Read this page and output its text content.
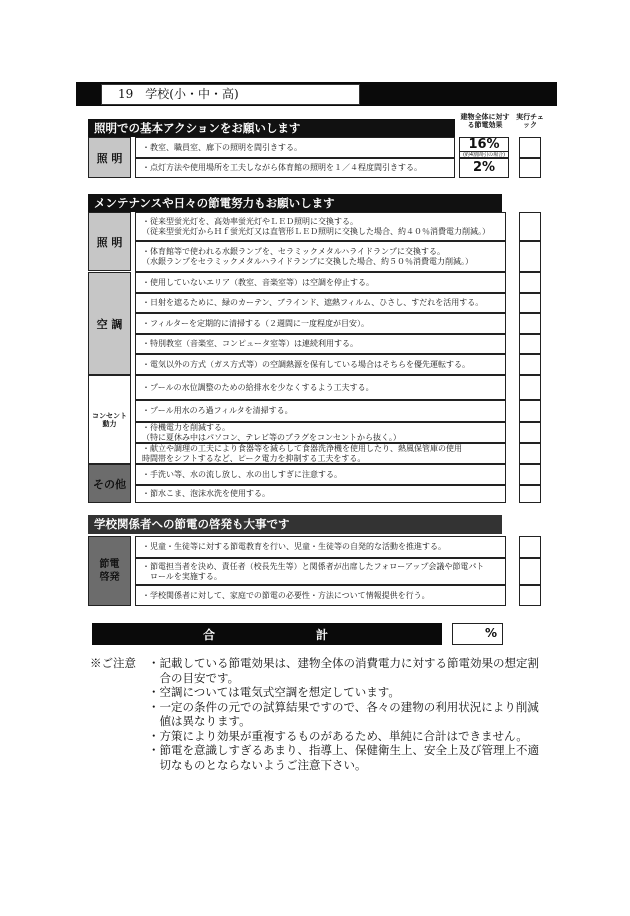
19　学校(小・中・高)
照明での基本アクションをお願いします
建物全体に対する節電効果
実行チェック
照 明
・教室、職員室、廊下の照明を間引きする。
・点灯方法や使用場所を工夫しながら体育館の照明を１／４程度間引きする。
16%
(約4割間引の場合)
2%
メンテナンスや日々の節電努力もお願いします
照 明
空 調
コンセント動力
その他
・従来型蛍光灯を、高効率蛍光灯やＬＥＤ照明に交換する。
（従来型蛍光灯からＨｆ蛍光灯又は直管形ＬＥＤ照明に交換した場合、約４０％消費電力削減。）
・体育館等で使われる水銀ランプを、セラミックメタルハライドランプに交換する。
（水銀ランプをセラミックメタルハライドランプに交換した場合、約５０％消費電力削減。）
・使用していないエリア（教室、音楽室等）は空調を停止する。
・日射を遮るために、緑のカーテン、ブラインド、遮熱フィルム、ひさし、すだれを活用する。
・フィルターを定期的に清掃する（２週間に一度程度が目安）。
・特別教室（音楽室、コンピュータ室等）は連続利用する。
・電気以外の方式（ガス方式等）の空調熱源を保有している場合はそちらを優先運転する。
・プールの水位調整のための給排水を少なくするよう工夫する。
・プール用水のろ過フィルタを清掃する。
・待機電力を削減する。
（特に夏休み中はパソコン、テレビ等のプラグをコンセントから抜く。）
・献立や調理の工夫により食器等を減らして食器洗浄機を使用したり、熱風保管庫の使用
時間帯をシフトするなど、ピーク電力を抑制する工夫をする。
・手洗い等、水の流し放し、水の出しすぎに注意する。
・節水こま、泡沫水洗を使用する。
学校関係者への節電の啓発も大事です
節電啓発
・児童・生徒等に対する節電教育を行い、児童・生徒等の自発的な活動を推進する。
・節電担当者を決め、責任者（校長先生等）と関係者が出席したフォローアップ会議や節電パト
　ロールを実施する。
・学校関係者に対して、家庭での節電の必要性・方法について情報提供を行う。
合	計	%
※ご注意 ・記載している節電効果は、建物全体の消費電力に対する節電効果の想定割
　合の目安です。
・空調については電気式空調を想定しています。
・一定の条件の元での試算結果ですので、各々の建物の利用状況により削減
　値は異なります。
・方策により効果が重複するものがあるため、単純に合計はできません。
・節電を意識しすぎるあまり、指導上、保健衛生上、安全上及び管理上不適
　切なものとならないようご注意下さい。
